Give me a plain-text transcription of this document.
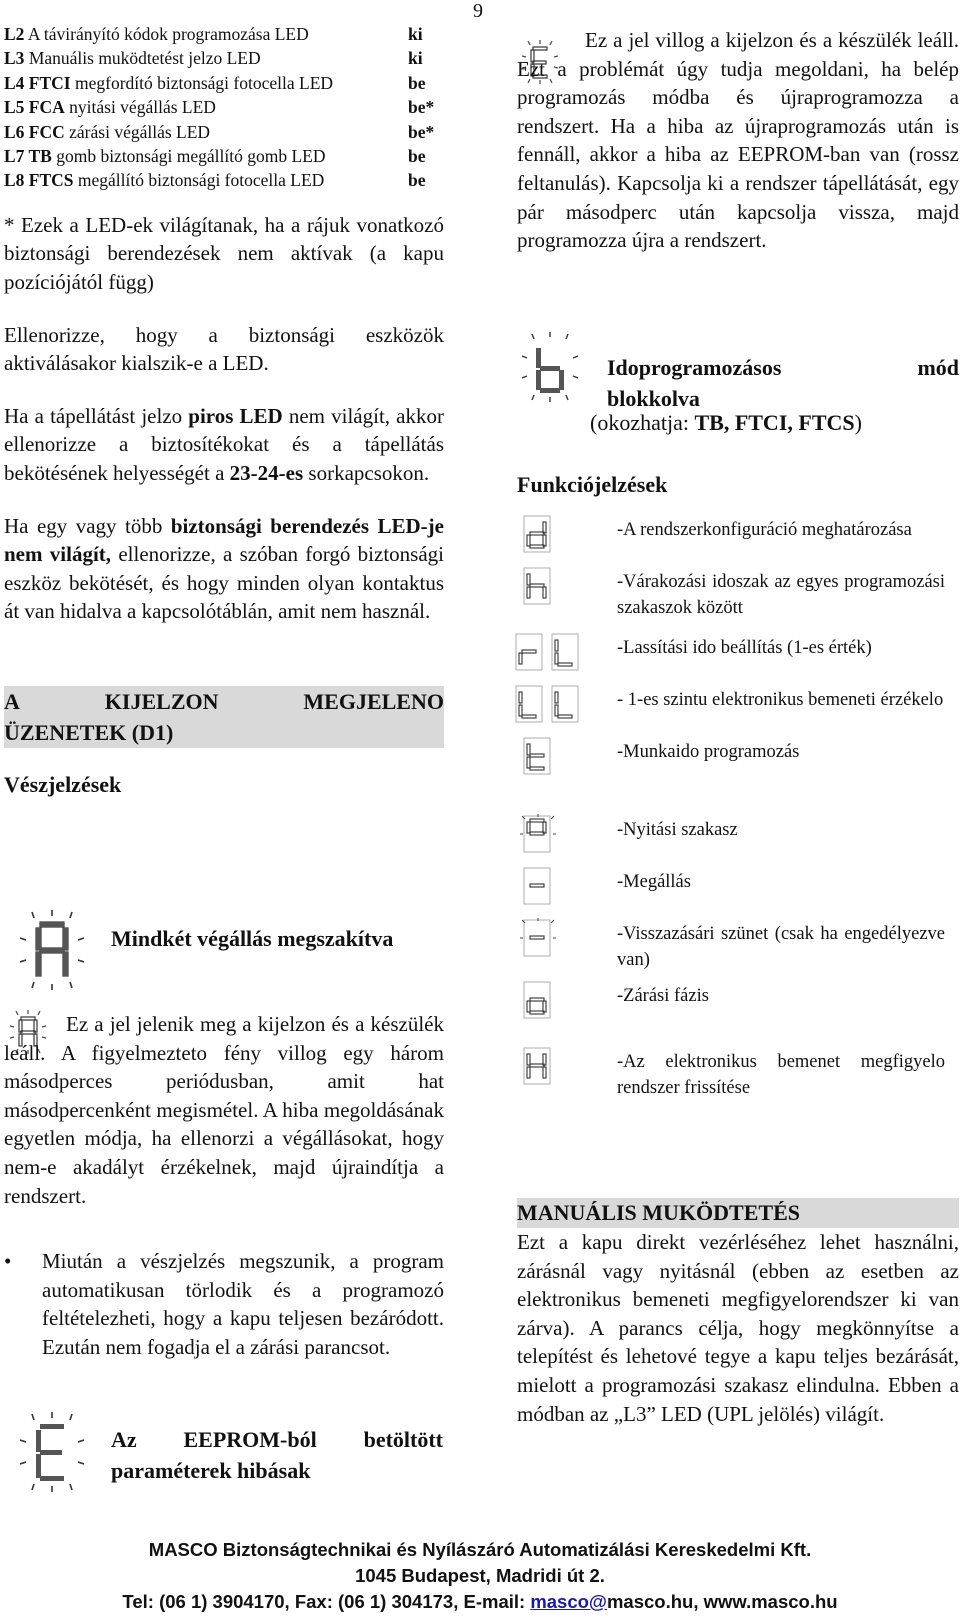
9
L2 A távirányító kódok programozása LED	ki
L3 Manuális muködtetést jelzo LED	ki
L4 FTCI megfordító biztonsági fotocella LED	be
L5 FCA nyitási végállás LED	be*
L6 FCC zárási végállás LED	be*
L7 TB gomb biztonsági megállító gomb LED	be
L8 FTCS megállító biztonsági fotocella LED	be

* Ezek a LED-ek világítanak, ha a rájuk vonatkozó biztonsági berendezések nem aktívak (a kapu pozíciójától függ)

Ellenorizze, hogy a biztonsági eszközök aktiválásakor kialszik-e a LED.

Ha a tápellátást jelzo piros LED nem világít, akkor ellenorizze a biztosítékokat és a tápellátás bekötésének helyességét a 23-24-es sorkapcsokon.

Ha egy vagy több biztonsági berendezés LED-je nem világít, ellenorizze, a szóban forgó biztonsági eszköz bekötését, és hogy minden olyan kontaktus át van hidalva a kapcsolótáblán, amit nem használ.

A	KIJELZON	MEGJELENO
ÜZENETEK (D1)
Vészjelzések
Mindkét végállás megszakítva

Ez a jel jelenik meg a kijelzon és a készülék leáll. A figyelmezteto fény villog egy három másodperces periódusban, amit hat másodpercenként megismétel. A hiba megoldásának egyetlen módja, ha ellenorzi a végállásokat, hogy nem-e akadályt érzékelnek, majd újraindítja a rendszert.

•	Miután a vészjelzés megszunik, a program automatikusan törlodik és a programozó feltételezheti, hogy a kapu teljesen bezáródott. Ezután nem fogadja el a zárási parancsot.

Az EEPROM-ból betöltött paraméterek hibásak

Ez a jel villog a kijelzon és a készülék leáll. Ezt a problémát úgy tudja megoldani, ha belép programozás módba és újraprogramozza a rendszert. Ha a hiba az újraprogramozás után is fennáll, akkor a hiba az EEPROM-ban van (rossz feltanulás). Kapcsolja ki a rendszer tápellátását, egy pár másodperc után kapcsolja vissza, majd programozza újra a rendszert.

Idoprogramozásos	mód
blokkolva
(okozhatja: TB, FTCI, FTCS)
Funkciójelzések
-A rendszerkonfiguráció meghatározása
-Várakozási idoszak az egyes programozási szakaszok között
-Lassítási ido beállítás (1-es érték)
- 1-es szintu elektronikus bemeneti érzékelo
-Munkaido programozás
-Nyitási szakasz
-Megállás
-Visszazásári szünet (csak ha engedélyezve van)
-Zárási fázis
-Az elektronikus bemenet megfigyelo rendszer frissítése
MANUÁLIS MUKÖDTETÉS

Ezt a kapu direkt vezérléséhez lehet használni, zárásnál vagy nyitásnál (ebben az esetben az elektronikus bemeneti megfigyelorendszer ki van zárva). A parancs célja, hogy megkönnyítse a telepítést és lehetové tegye a kapu teljes bezárását, mielott a programozási szakasz elindulna. Ebben a módban az „L3” LED (UPL jelölés) világít.

MASCO Biztonságtechnikai és Nyílászáró Automatizálási Kereskedelmi Kft.
1045 Budapest, Madridi út 2.
Tel: (06 1) 3904170, Fax: (06 1) 304173, E-mail: masco@masco.hu, www.masco.hu
